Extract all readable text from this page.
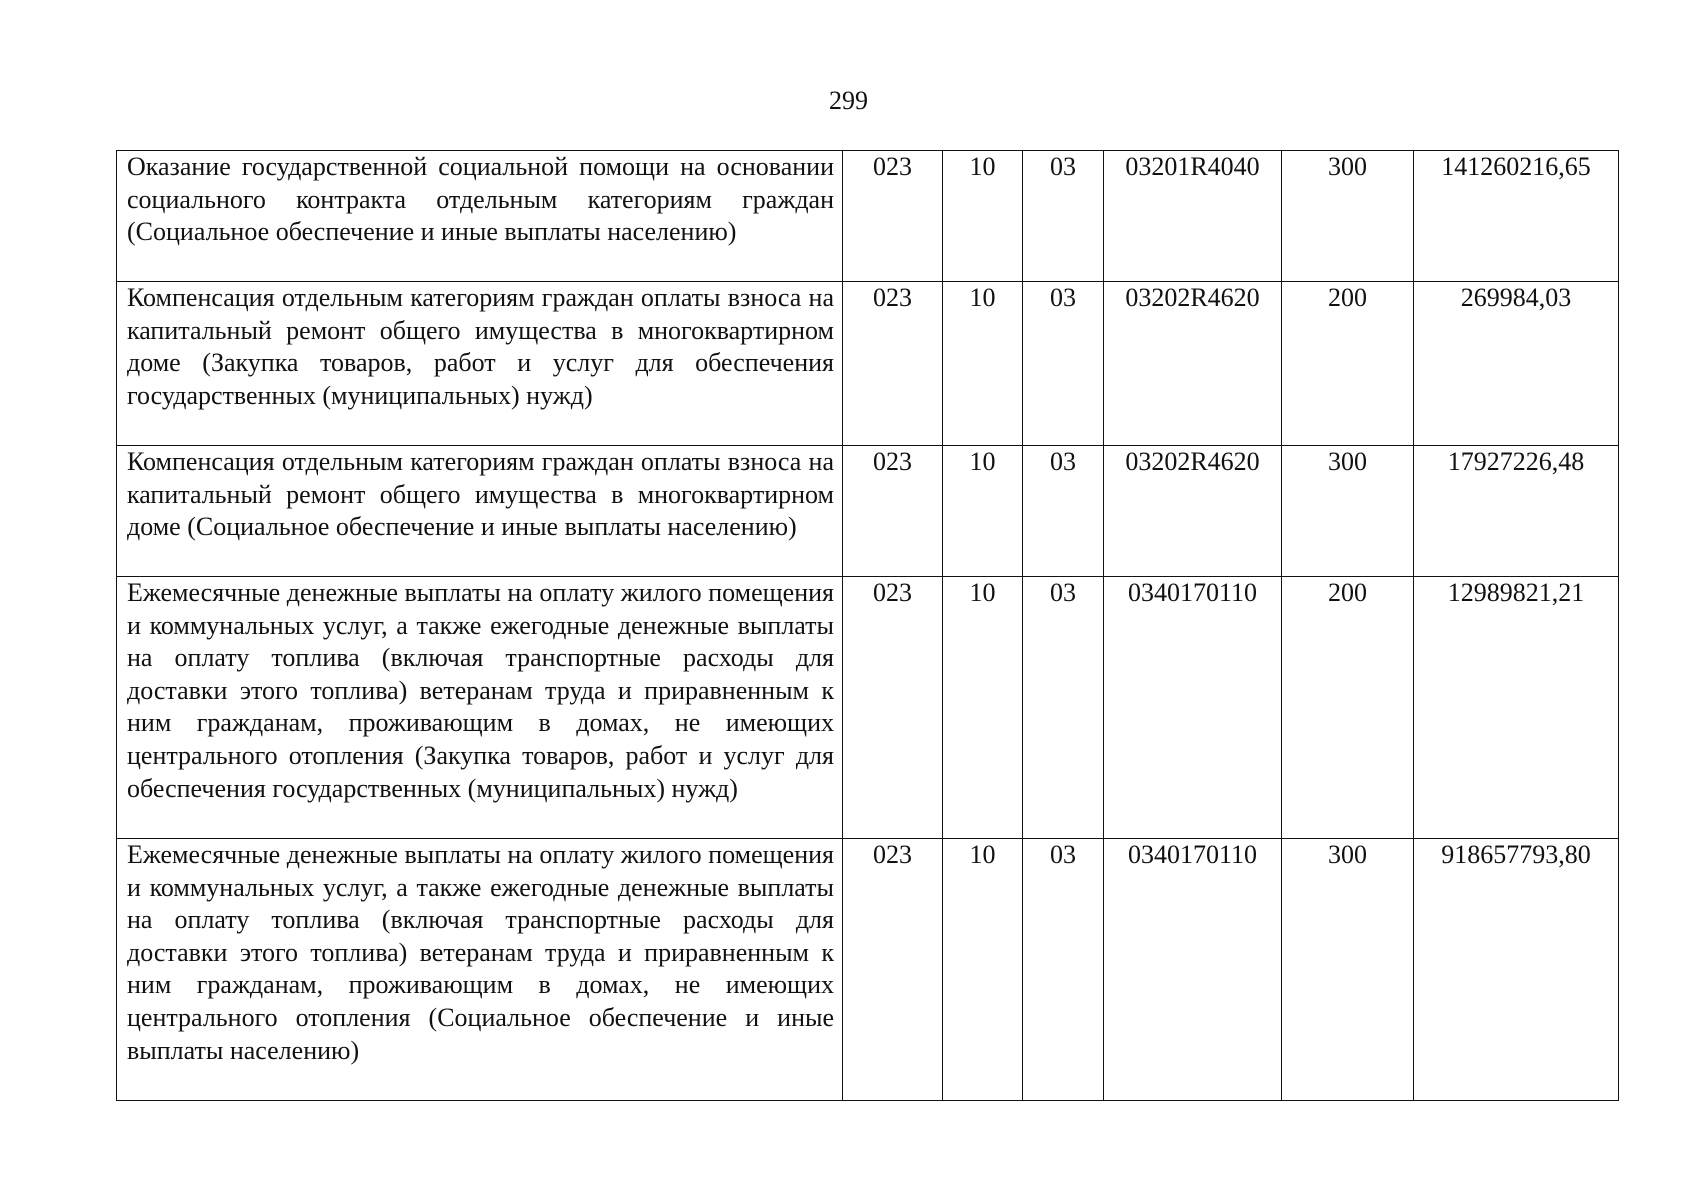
299
Оказание государственной социальной помощи на основании социального контракта отдельным категориям граждан (Социальное обеспечение и иные выплаты населению)	023	10	03	03201R4040	300	141260216,65
Компенсация отдельным категориям граждан оплаты взноса на капитальный ремонт общего имущества в многоквартирном доме (Закупка товаров, работ и услуг для обеспечения государственных (муниципальных) нужд)	023	10	03	03202R4620	200	269984,03
Компенсация отдельным категориям граждан оплаты взноса на капитальный ремонт общего имущества в многоквартирном доме (Социальное обеспечение и иные выплаты населению)	023	10	03	03202R4620	300	17927226,48
Ежемесячные денежные выплаты на оплату жилого помещения и коммунальных услуг, а также ежегодные денежные выплаты на оплату топлива (включая транспортные расходы для доставки этого топлива) ветеранам труда и приравненным к ним гражданам, проживающим в домах, не имеющих центрального отопления (Закупка товаров, работ и услуг для обеспечения государственных (муниципальных) нужд)	023	10	03	0340170110	200	12989821,21
Ежемесячные денежные выплаты на оплату жилого помещения и коммунальных услуг, а также ежегодные денежные выплаты на оплату топлива (включая транспортные расходы для доставки этого топлива) ветеранам труда и приравненным к ним гражданам, проживающим в домах, не имеющих центрального отопления (Социальное обеспечение и иные выплаты населению)	023	10	03	0340170110	300	918657793,80
